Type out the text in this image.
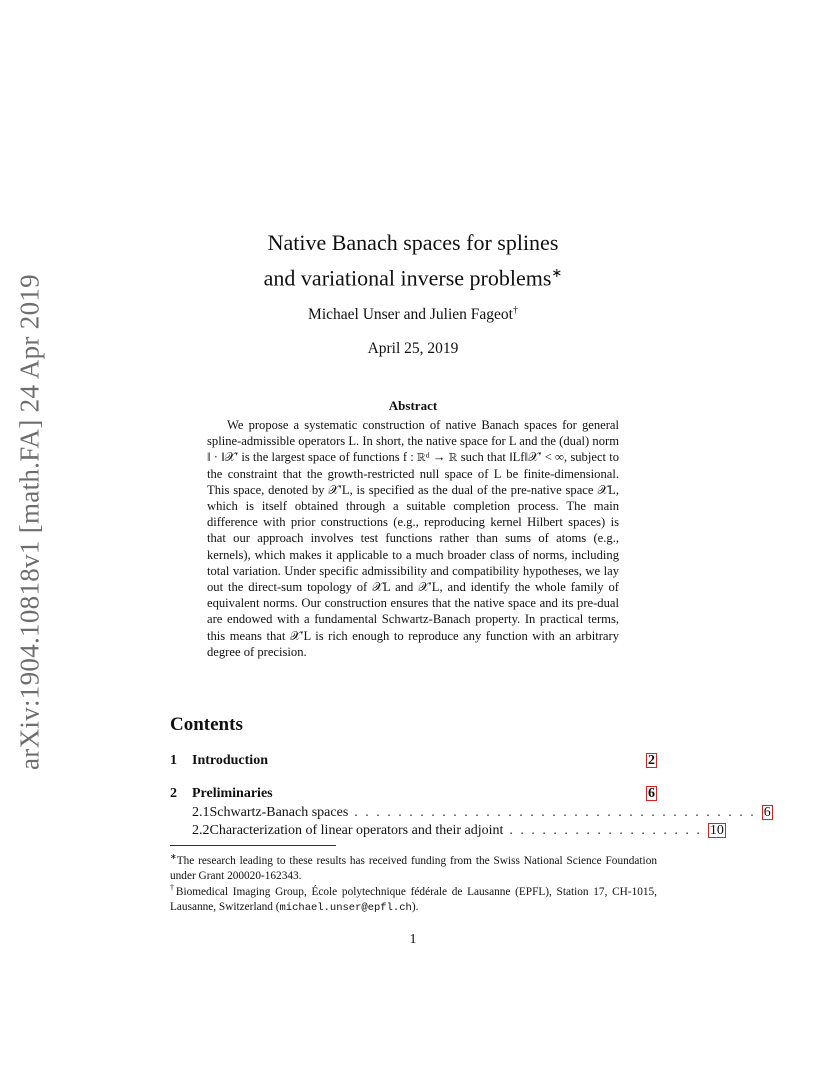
arXiv:1904.10818v1 [math.FA] 24 Apr 2019
Native Banach spaces for splines
and variational inverse problems∗
Michael Unser and Julien Fageot†
April 25, 2019
Abstract
We propose a systematic construction of native Banach spaces for general spline-admissible operators L. In short, the native space for L and the (dual) norm ‖ · ‖𝒳′ is the largest space of functions f : ℝᵈ → ℝ such that ‖Lf‖𝒳′ < ∞, subject to the constraint that the growth-restricted null space of L be finite-dimensional. This space, denoted by 𝒳′L, is specified as the dual of the pre-native space 𝒳L, which is itself obtained through a suitable completion process. The main difference with prior constructions (e.g., reproducing kernel Hilbert spaces) is that our approach involves test functions rather than sums of atoms (e.g., kernels), which makes it applicable to a much broader class of norms, including total variation. Under specific admissibility and compatibility hypotheses, we lay out the direct-sum topology of 𝒳L and 𝒳′L, and identify the whole family of equivalent norms. Our construction ensures that the native space and its pre-dual are endowed with a fundamental Schwartz-Banach property. In practical terms, this means that 𝒳′L is rich enough to reproduce any function with an arbitrary degree of precision.
Contents
1	Introduction	2
2	Preliminaries	6
2.1 Schwartz-Banach spaces . . . . . . . . . . . . . . . . . . . . . . . . . . . . . . . . . . . . . 6
2.2 Characterization of linear operators and their adjoint . . . . . . . . . . . . . . . . . . 10
∗The research leading to these results has received funding from the Swiss National Science Foundation under Grant 200020-162343.
†Biomedical Imaging Group, École polytechnique fédérale de Lausanne (EPFL), Station 17, CH-1015, Lausanne, Switzerland (michael.unser@epfl.ch).
1
